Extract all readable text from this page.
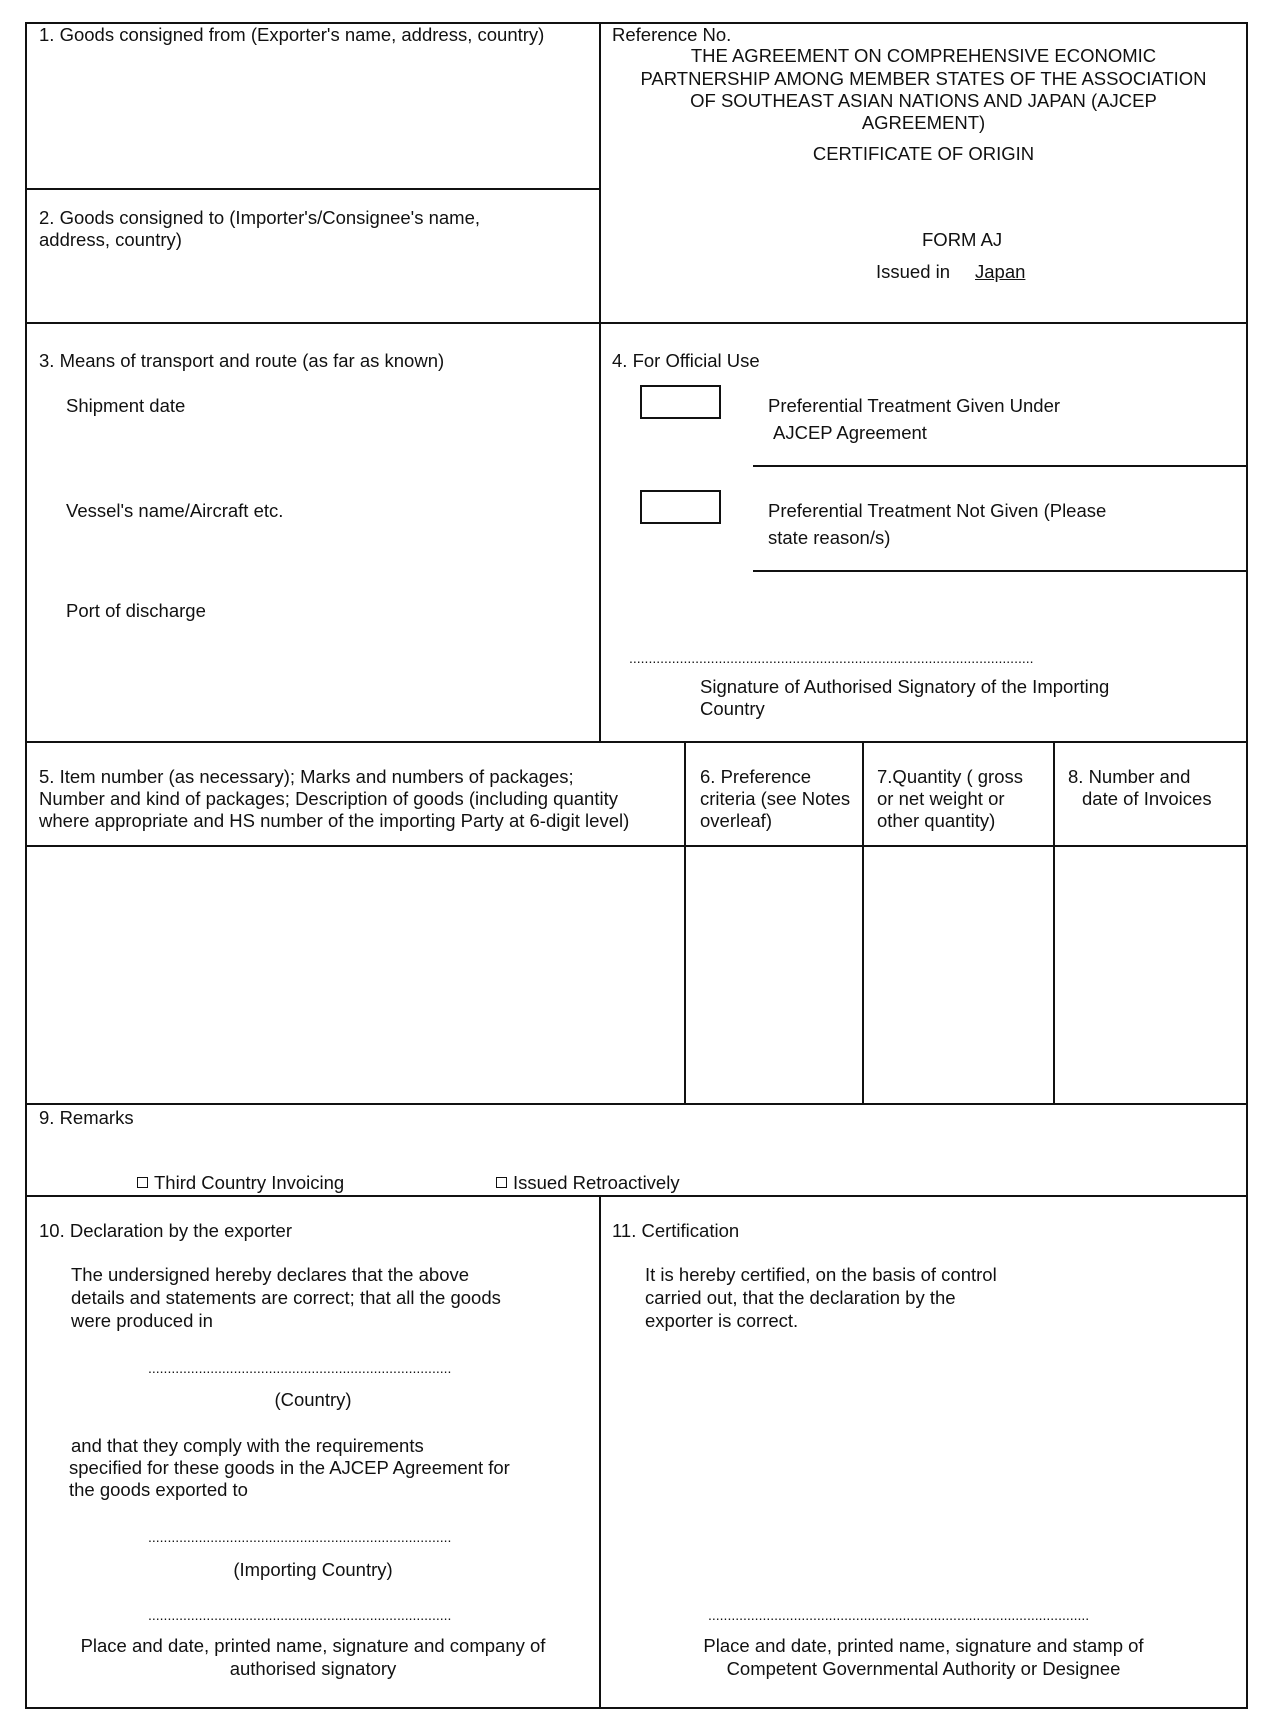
1. Goods consigned from (Exporter's name, address, country)
2. Goods consigned to (Importer's/Consignee's name,
address, country)
Reference No.
THE AGREEMENT ON COMPREHENSIVE ECONOMIC
PARTNERSHIP AMONG MEMBER STATES OF THE ASSOCIATION
OF SOUTHEAST ASIAN NATIONS AND JAPAN (AJCEP
AGREEMENT)
CERTIFICATE OF ORIGIN
FORM AJ
Issued in Japan
3. Means of transport and route (as far as known)
Shipment date
Vessel's name/Aircraft etc.
Port of discharge
4. For Official Use
Preferential Treatment Given Under
AJCEP Agreement
Preferential Treatment Not Given (Please
state reason/s)
........................................................................................................
Signature of Authorised Signatory of the Importing
Country
5. Item number (as necessary); Marks and numbers of packages;
Number and kind of packages; Description of goods (including quantity
where appropriate and HS number of the importing Party at 6-digit level)
6. Preference
criteria (see Notes
overleaf)
7.Quantity ( gross
or net weight or
other quantity)
8. Number and
date of Invoices
9. Remarks
Third Country Invoicing	Issued Retroactively
10. Declaration by the exporter
The undersigned hereby declares that the above
details and statements are correct; that all the goods
were produced in
..............................................................................
(Country)
and that they comply with the requirements
specified for these goods in the AJCEP Agreement for
the goods exported to
..............................................................................
(Importing Country)
..............................................................................
Place and date, printed name, signature and company of
authorised signatory
11. Certification
It is hereby certified, on the basis of control
carried out, that the declaration by the
exporter is correct.
..................................................................................................
Place and date, printed name, signature and stamp of
Competent Governmental Authority or Designee
